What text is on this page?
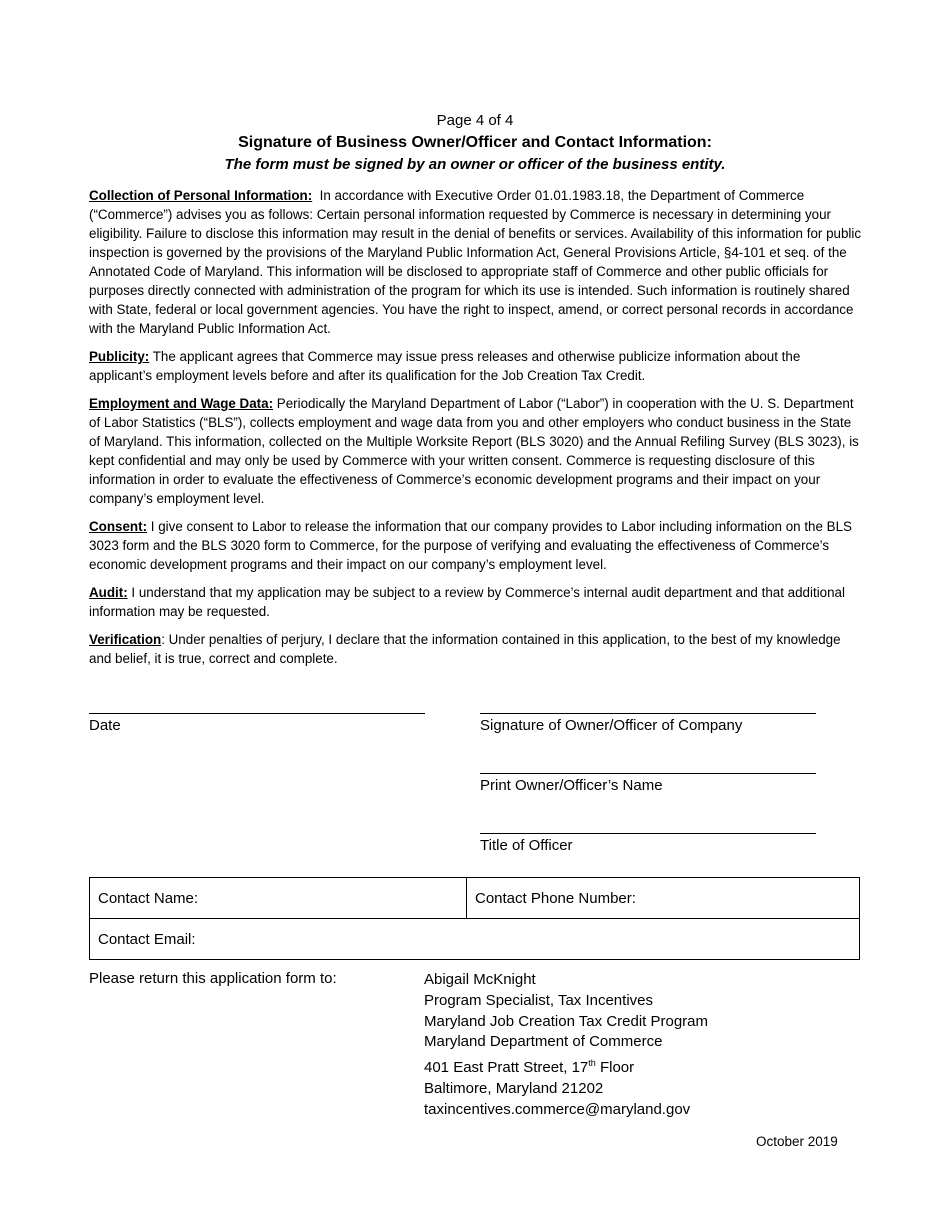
Page 4 of 4
Signature of Business Owner/Officer and Contact Information:
The form must be signed by an owner or officer of the business entity.

Collection of Personal Information: In accordance with Executive Order 01.01.1983.18, the Department of Commerce (“Commerce”) advises you as follows: Certain personal information requested by Commerce is necessary in determining your eligibility. Failure to disclose this information may result in the denial of benefits or services. Availability of this information for public inspection is governed by the provisions of the Maryland Public Information Act, General Provisions Article, §4-101 et seq. of the Annotated Code of Maryland. This information will be disclosed to appropriate staff of Commerce and other public officials for purposes directly connected with administration of the program for which its use is intended. Such information is routinely shared with State, federal or local government agencies. You have the right to inspect, amend, or correct personal records in accordance with the Maryland Public Information Act.

Publicity: The applicant agrees that Commerce may issue press releases and otherwise publicize information about the applicant’s employment levels before and after its qualification for the Job Creation Tax Credit.

Employment and Wage Data: Periodically the Maryland Department of Labor (“Labor”) in cooperation with the U. S. Department of Labor Statistics (“BLS”), collects employment and wage data from you and other employers who conduct business in the State of Maryland. This information, collected on the Multiple Worksite Report (BLS 3020) and the Annual Refiling Survey (BLS 3023), is kept confidential and may only be used by Commerce with your written consent. Commerce is requesting disclosure of this information in order to evaluate the effectiveness of Commerce’s economic development programs and their impact on your company’s employment level.

Consent: I give consent to Labor to release the information that our company provides to Labor including information on the BLS 3023 form and the BLS 3020 form to Commerce, for the purpose of verifying and evaluating the effectiveness of Commerce’s economic development programs and their impact on our company’s employment level.

Audit: I understand that my application may be subject to a review by Commerce’s internal audit department and that additional information may be requested.

Verification: Under penalties of perjury, I declare that the information contained in this application, to the best of my knowledge and belief, it is true, correct and complete.

Date	Signature of Owner/Officer of Company
Print Owner/Officer’s Name
Title of Officer
Contact Name:	Contact Phone Number:
Contact Email:
Please return this application form to:	Abigail McKnight
Program Specialist, Tax Incentives
Maryland Job Creation Tax Credit Program
Maryland Department of Commerce
401 East Pratt Street, 17th Floor
Baltimore, Maryland 21202
taxincentives.commerce@maryland.gov
October 2019
